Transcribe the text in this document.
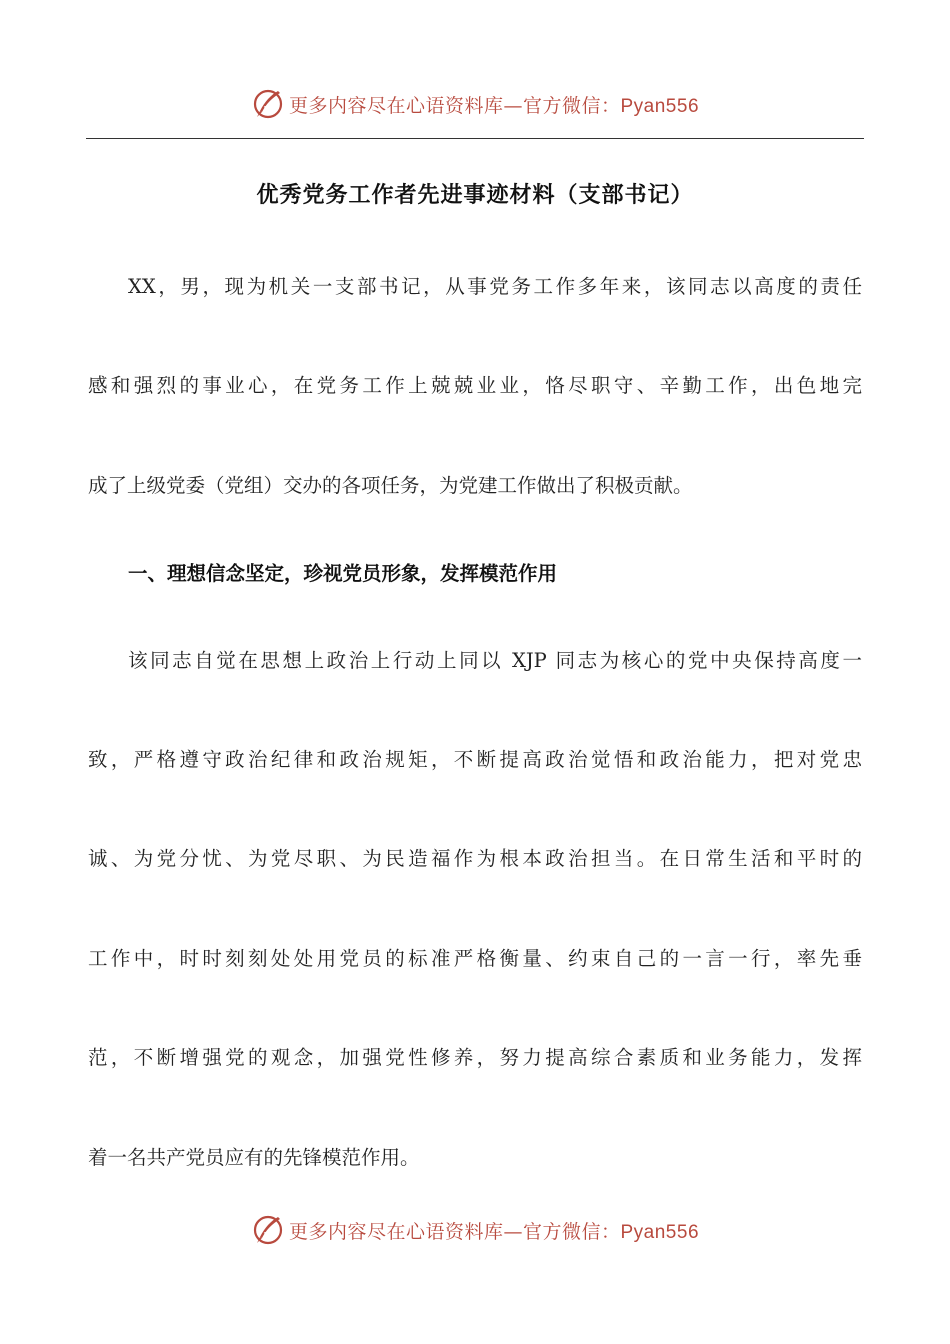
更多内容尽在心语资料库—官方微信：Pyan556
优秀党务工作者先进事迹材料（支部书记）
XX，男，现为机关一支部书记，从事党务工作多年来，该同志以高度的责任
感和强烈的事业心，在党务工作上兢兢业业，恪尽职守、辛勤工作，出色地完
成了上级党委（党组）交办的各项任务，为党建工作做出了积极贡献。
一、理想信念坚定，珍视党员形象，发挥模范作用
该同志自觉在思想上政治上行动上同以 XJP 同志为核心的党中央保持高度一
致，严格遵守政治纪律和政治规矩，不断提高政治觉悟和政治能力，把对党忠
诚、为党分忧、为党尽职、为民造福作为根本政治担当。在日常生活和平时的
工作中，时时刻刻处处用党员的标准严格衡量、约束自己的一言一行，率先垂
范，不断增强党的观念，加强党性修养，努力提高综合素质和业务能力，发挥
着一名共产党员应有的先锋模范作用。
更多内容尽在心语资料库—官方微信：Pyan556
